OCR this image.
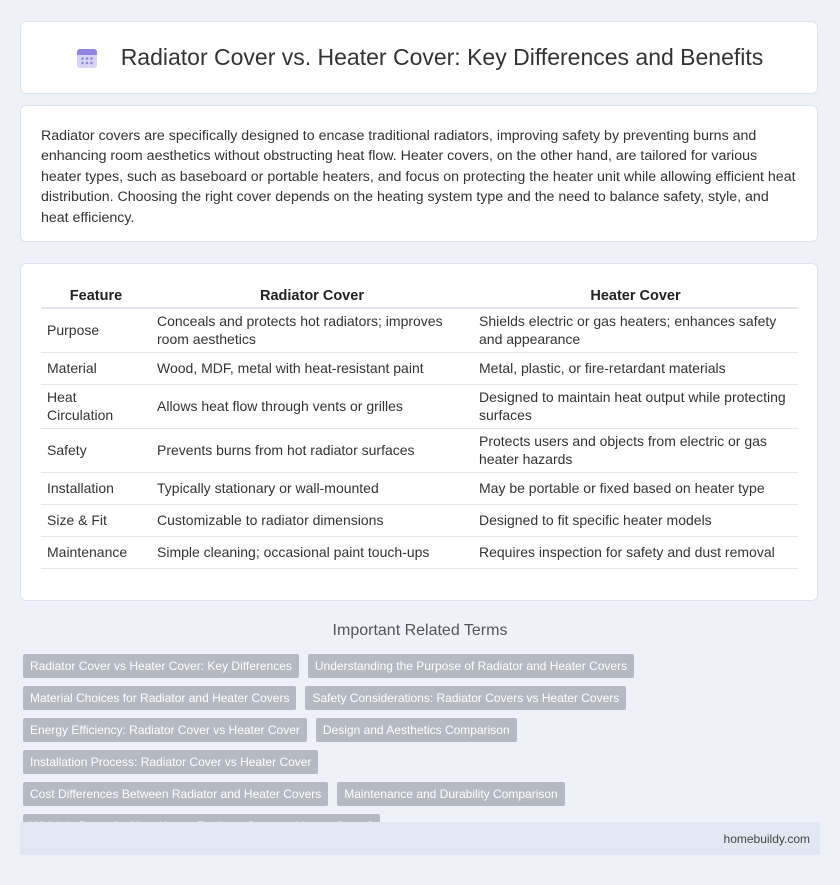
Radiator Cover vs. Heater Cover: Key Differences and Benefits

Radiator covers are specifically designed to encase traditional radiators, improving safety by preventing burns and enhancing room aesthetics without obstructing heat flow. Heater covers, on the other hand, are tailored for various heater types, such as baseboard or portable heaters, and focus on protecting the heater unit while allowing efficient heat distribution. Choosing the right cover depends on the heating system type and the need to balance safety, style, and heat efficiency.

Feature	Radiator Cover	Heater Cover
Purpose	Conceals and protects hot radiators; improves room aesthetics	Shields electric or gas heaters; enhances safety and appearance
Material	Wood, MDF, metal with heat-resistant paint	Metal, plastic, or fire-retardant materials
Heat Circulation	Allows heat flow through vents or grilles	Designed to maintain heat output while protecting surfaces
Safety	Prevents burns from hot radiator surfaces	Protects users and objects from electric or gas heater hazards
Installation	Typically stationary or wall-mounted	May be portable or fixed based on heater type
Size & Fit	Customizable to radiator dimensions	Designed to fit specific heater models
Maintenance	Simple cleaning; occasional paint touch-ups	Requires inspection for safety and dust removal
Important Related Terms
Radiator Cover vs Heater Cover: Key Differences Understanding the Purpose of Radiator and Heater Covers
Material Choices for Radiator and Heater Covers Safety Considerations: Radiator Covers vs Heater Covers
Energy Efficiency: Radiator Cover vs Heater Cover Design and Aesthetics ComparisonInstallation Process: Radiator Cover vs Heater Cover
Cost Differences Between Radiator and Heater Covers Maintenance and Durability Comparison

homebuildy.com
